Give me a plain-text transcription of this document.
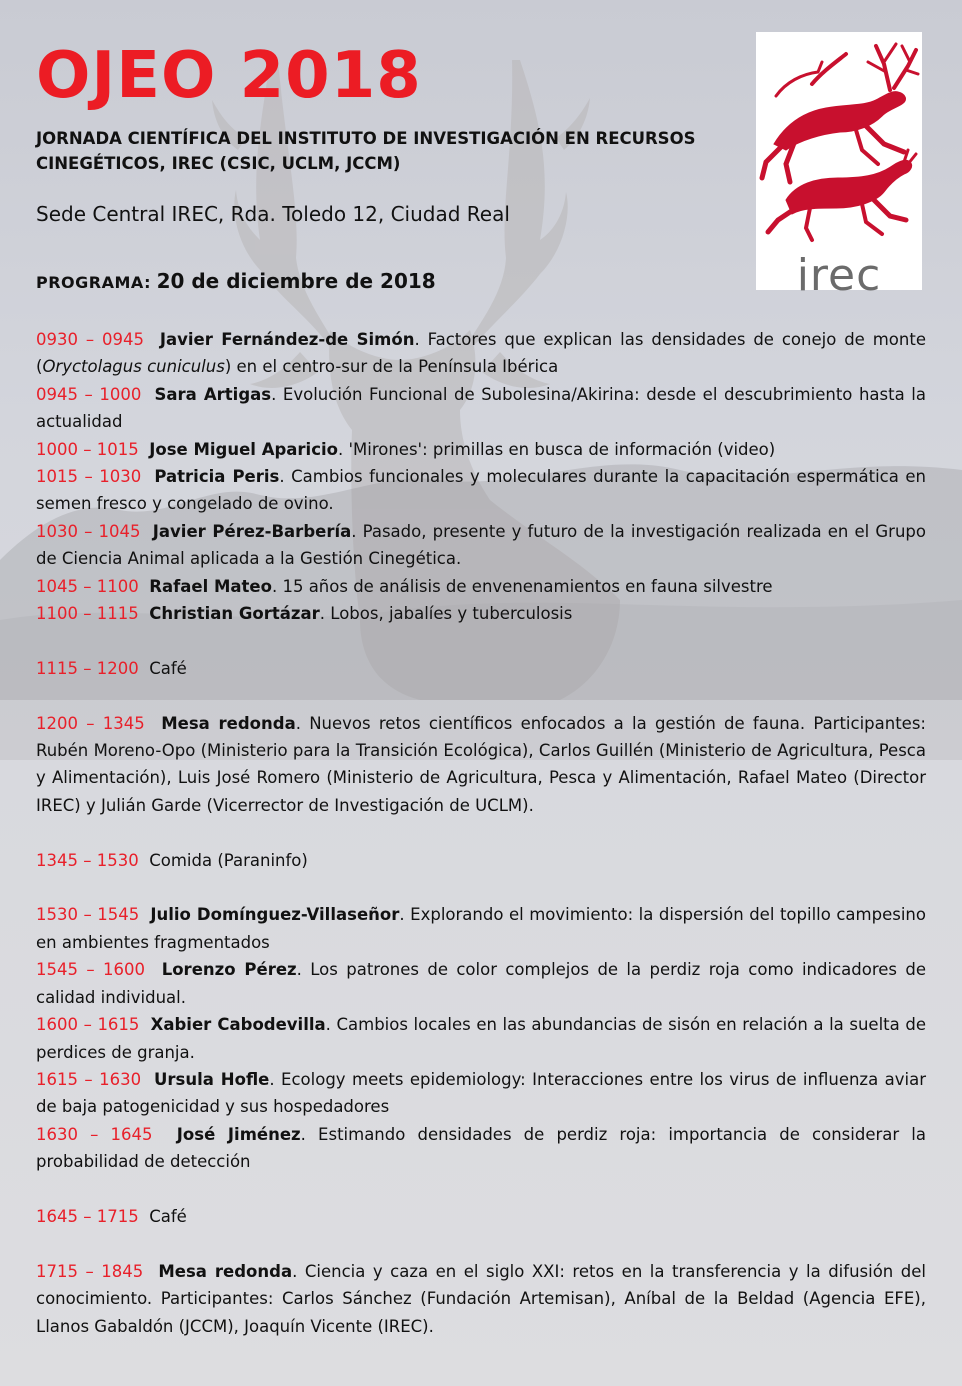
OJEO 2018

JORNADA CIENTÍFICA DEL INSTITUTO DE INVESTIGACIÓN EN RECURSOS CINEGÉTICOS, IREC (CSIC, UCLM, JCCM)

Sede Central IREC, Rda. Toledo 12, Ciudad Real

PROGRAMA: 20 de diciembre de 2018	irec

0930 – 0945 Javier Fernández-de Simón. Factores que explican las densidades de conejo de monte (Oryctolagus cuniculus) en el centro-sur de la Península Ibérica

0945 – 1000 Sara Artigas. Evolución Funcional de Subolesina/Akirina: desde el descubrimiento hasta la actualidad

1000 – 1015 Jose Miguel Aparicio. 'Mirones': primillas en busca de información (video)

1015 – 1030 Patricia Peris. Cambios funcionales y moleculares durante la capacitación espermática en semen fresco y congelado de ovino.

1030 – 1045 Javier Pérez-Barbería. Pasado, presente y futuro de la investigación realizada en el Grupo de Ciencia Animal aplicada a la Gestión Cinegética.

1045 – 1100 Rafael Mateo. 15 años de análisis de envenenamientos en fauna silvestre

1100 – 1115 Christian Gortázar. Lobos, jabalíes y tuberculosis

1115 – 1200 Café

1200 – 1345 Mesa redonda. Nuevos retos científicos enfocados a la gestión de fauna. Participantes: Rubén Moreno-Opo (Ministerio para la Transición Ecológica), Carlos Guillén (Ministerio de Agricultura, Pesca y Alimentación), Luis José Romero (Ministerio de Agricultura, Pesca y Alimentación, Rafael Mateo (Director IREC) y Julián Garde (Vicerrector de Investigación de UCLM).

1345 – 1530 Comida (Paraninfo)

1530 – 1545 Julio Domínguez-Villaseñor. Explorando el movimiento: la dispersión del topillo campesino en ambientes fragmentados

1545 – 1600 Lorenzo Pérez. Los patrones de color complejos de la perdiz roja como indicadores de calidad individual.

1600 – 1615 Xabier Cabodevilla. Cambios locales en las abundancias de sisón en relación a la suelta de perdices de granja.

1615 – 1630 Ursula Hofle. Ecology meets epidemiology: Interacciones entre los virus de influenza aviar de baja patogenicidad y sus hospedadores

1630 – 1645 José Jiménez. Estimando densidades de perdiz roja: importancia de considerar la probabilidad de detección

1645 – 1715 Café

1715 – 1845 Mesa redonda. Ciencia y caza en el siglo XXI: retos en la transferencia y la difusión del conocimiento. Participantes: Carlos Sánchez (Fundación Artemisan), Aníbal de la Beldad (Agencia EFE), Llanos Gabaldón (JCCM), Joaquín Vicente (IREC).
